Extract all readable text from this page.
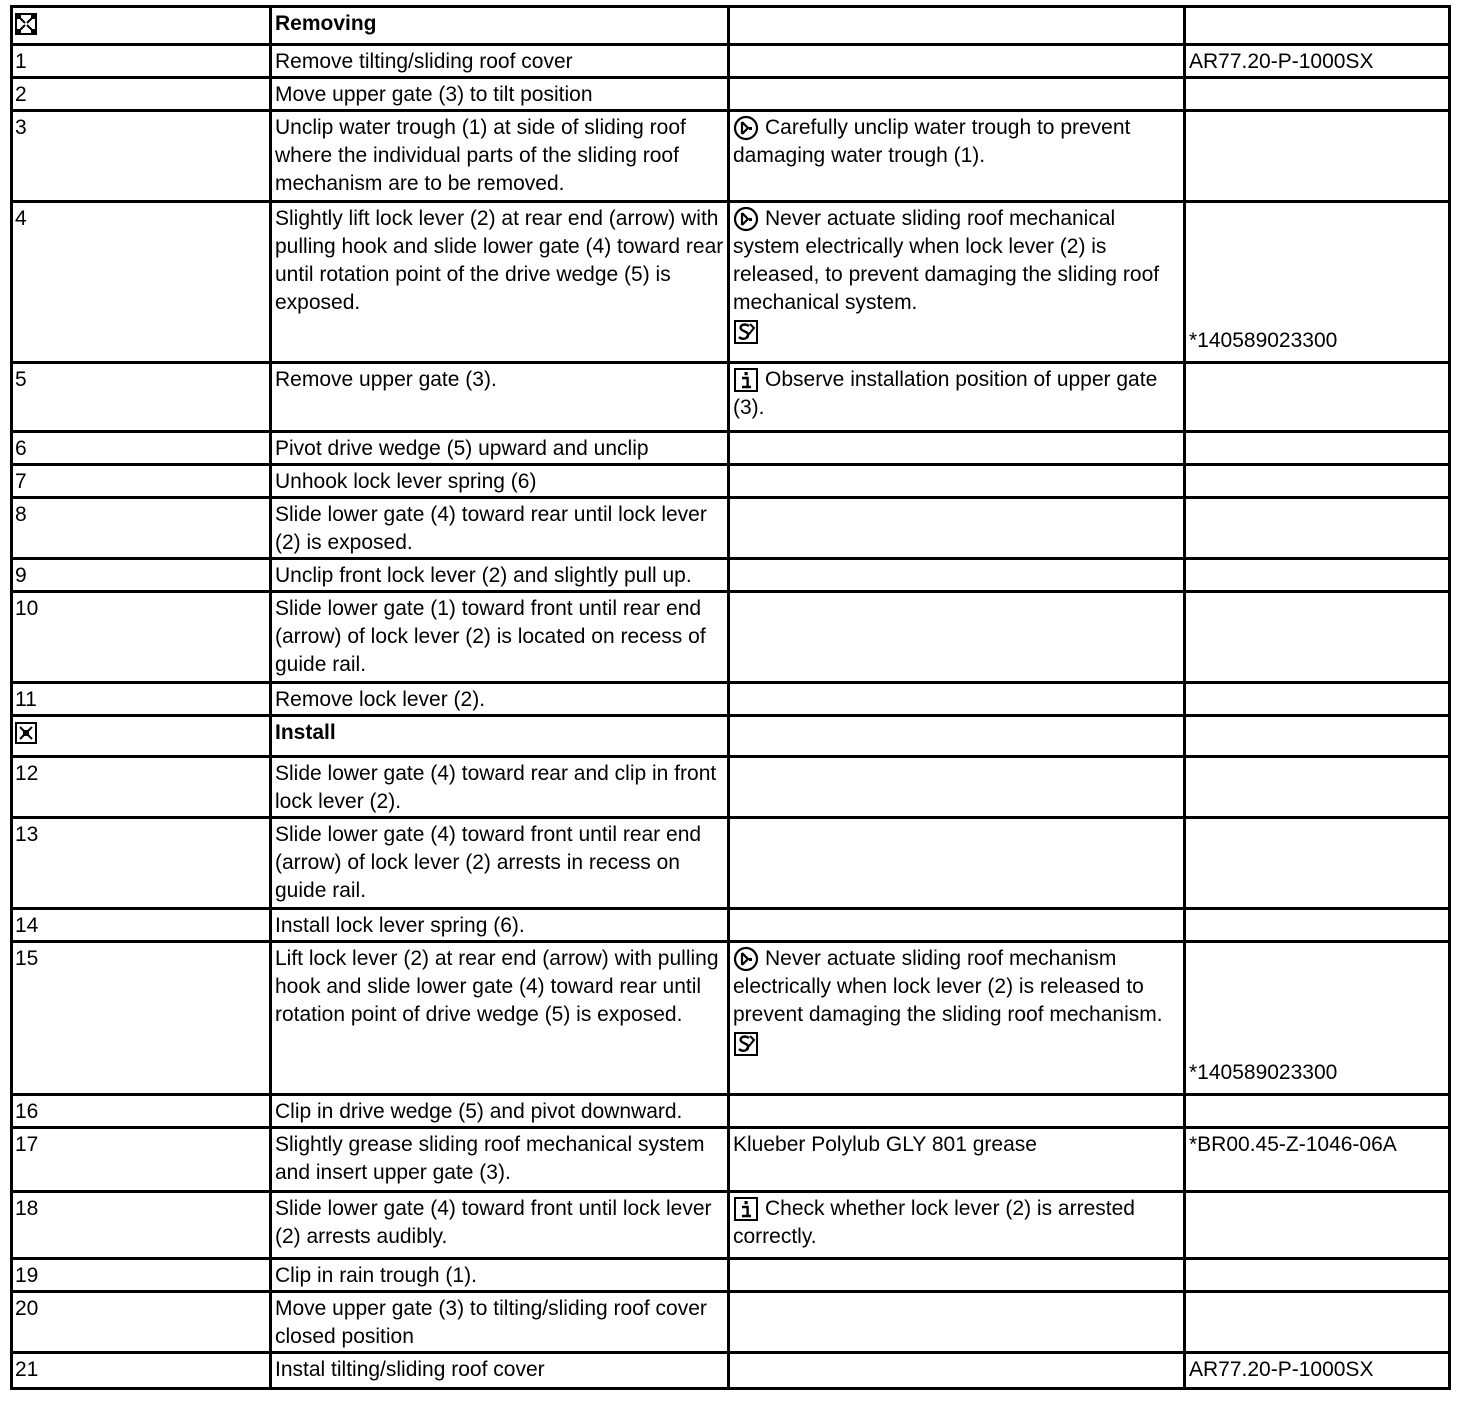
	Removing		
1	Remove tilting/sliding roof cover		AR77.20-P-1000SX
2	Move upper gate (3) to tilt position		
3	Unclip water trough (1) at side of sliding roof where the individual parts of the sliding roof mechanism are to be removed.	Carefully unclip water trough to prevent damaging water trough (1).	
4	Slightly lift lock lever (2) at rear end (arrow) with pulling hook and slide lower gate (4) toward rear until rotation point of the drive wedge (5) is exposed.	Never actuate sliding roof mechanical system electrically when lock lever (2) is released, to prevent damaging the sliding roof mechanical system.	*140589023300
5	Remove upper gate (3).	Observe installation position of upper gate (3).	
6	Pivot drive wedge (5) upward and unclip		
7	Unhook lock lever spring (6)		
8	Slide lower gate (4) toward rear until lock lever (2) is exposed.		
9	Unclip front lock lever (2) and slightly pull up.		
10	Slide lower gate (1) toward front until rear end (arrow) of lock lever (2) is located on recess of guide rail.		
11	Remove lock lever (2).		

	Install		
12	Slide lower gate (4) toward rear and clip in front lock lever (2).		
13	Slide lower gate (4) toward front until rear end (arrow) of lock lever (2) arrests in recess on guide rail.		
14	Install lock lever spring (6).		
15	Lift lock lever (2) at rear end (arrow) with pulling hook and slide lower gate (4) toward rear until rotation point of drive wedge (5) is exposed.	Never actuate sliding roof mechanism electrically when lock lever (2) is released to prevent damaging the sliding roof mechanism.	*140589023300
16	Clip in drive wedge (5) and pivot downward.		
17	Slightly grease sliding roof mechanical system and insert upper gate (3).	Klueber Polylub GLY 801 grease	*BR00.45-Z-1046-06A
18	Slide lower gate (4) toward front until lock lever (2) arrests audibly.	Check whether lock lever (2) is arrested correctly.	
19	Clip in rain trough (1).		
20	Move upper gate (3) to tilting/sliding roof cover closed position		
21	Instal tilting/sliding roof cover		AR77.20-P-1000SX
